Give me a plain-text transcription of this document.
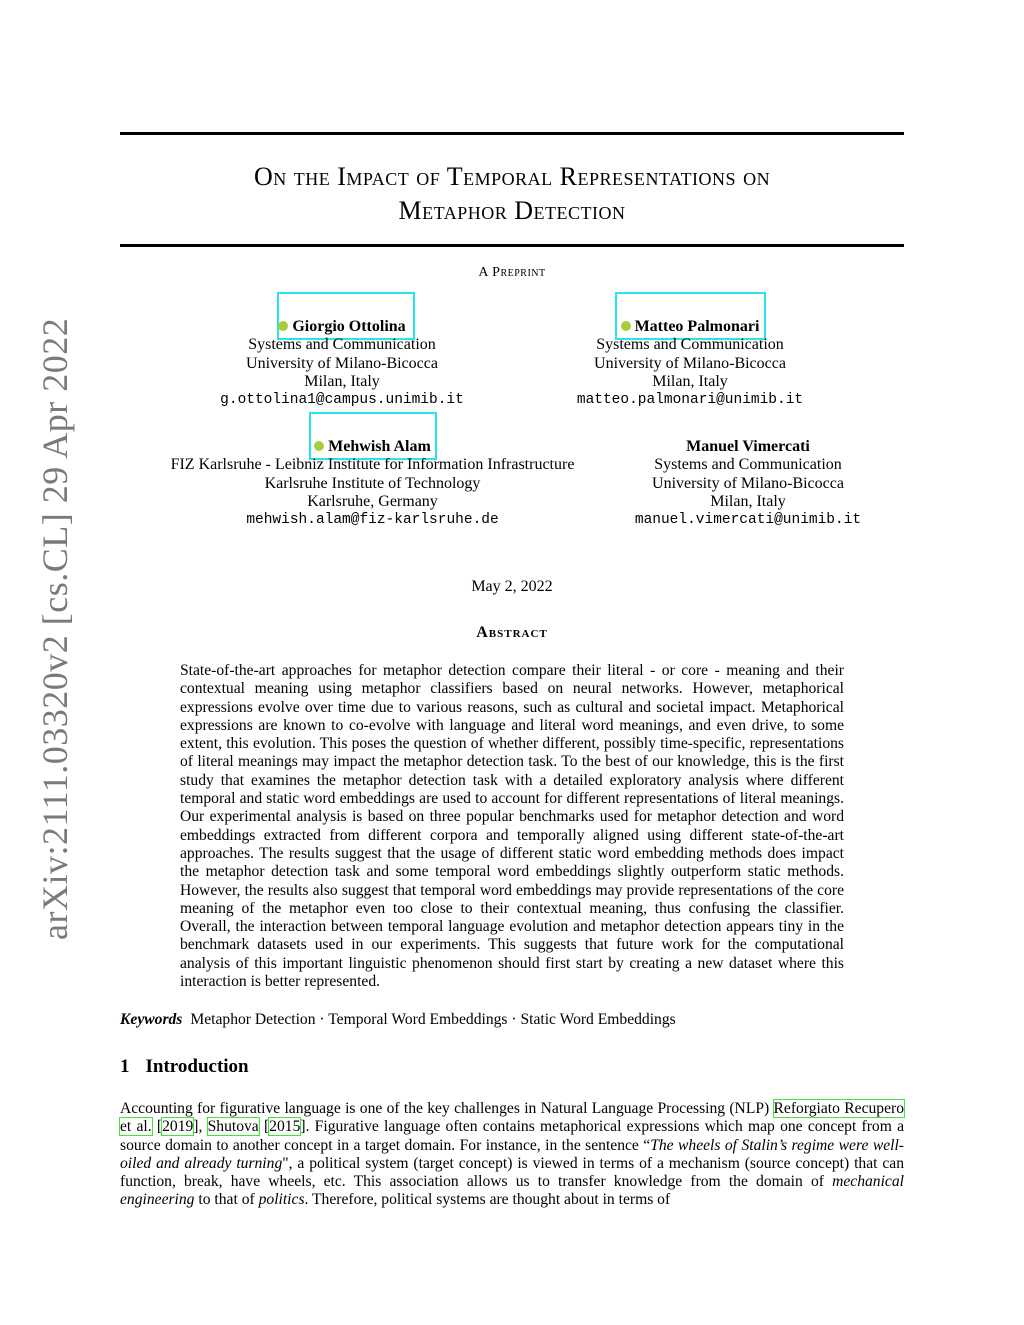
arXiv:2111.03320v2 [cs.CL] 29 Apr 2022
On the Impact of Temporal Representations on
Metaphor Detection
A Preprint
Giorgio Ottolina
Systems and Communication
University of Milano-Bicocca
Milan, Italy
g.ottolina1@campus.unimib.it
Matteo Palmonari
Systems and Communication
University of Milano-Bicocca
Milan, Italy
matteo.palmonari@unimib.it
Mehwish Alam
FIZ Karlsruhe - Leibniz Institute for Information Infrastructure
Karlsruhe Institute of Technology
Karlsruhe, Germany
mehwish.alam@fiz-karlsruhe.de
Manuel Vimercati
Systems and Communication
University of Milano-Bicocca
Milan, Italy
manuel.vimercati@unimib.it
May 2, 2022
Abstract
State-of-the-art approaches for metaphor detection compare their literal - or core - meaning and their contextual meaning using metaphor classifiers based on neural networks. However, metaphorical expressions evolve over time due to various reasons, such as cultural and societal impact. Metaphorical expressions are known to co-evolve with language and literal word meanings, and even drive, to some extent, this evolution. This poses the question of whether different, possibly time-specific, representations of literal meanings may impact the metaphor detection task. To the best of our knowledge, this is the first study that examines the metaphor detection task with a detailed exploratory analysis where different temporal and static word embeddings are used to account for different representations of literal meanings. Our experimental analysis is based on three popular benchmarks used for metaphor detection and word embeddings extracted from different corpora and temporally aligned using different state-of-the-art approaches. The results suggest that the usage of different static word embedding methods does impact the metaphor detection task and some temporal word embeddings slightly outperform static methods. However, the results also suggest that temporal word embeddings may provide representations of the core meaning of the metaphor even too close to their contextual meaning, thus confusing the classifier. Overall, the interaction between temporal language evolution and metaphor detection appears tiny in the benchmark datasets used in our experiments. This suggests that future work for the computational analysis of this important linguistic phenomenon should first start by creating a new dataset where this interaction is better represented.
Keywords Metaphor Detection · Temporal Word Embeddings · Static Word Embeddings
1 Introduction
Accounting for figurative language is one of the key challenges in Natural Language Processing (NLP) Reforgiato Recupero et al. [2019], Shutova [2015]. Figurative language often contains metaphorical expressions which map one concept from a source domain to another concept in a target domain. For instance, in the sentence “The wheels of Stalin’s regime were well-oiled and already turning", a political system (target concept) is viewed in terms of a mechanism (source concept) that can function, break, have wheels, etc. This association allows us to transfer knowledge from the domain of mechanical engineering to that of politics. Therefore, political systems are thought about in terms of
